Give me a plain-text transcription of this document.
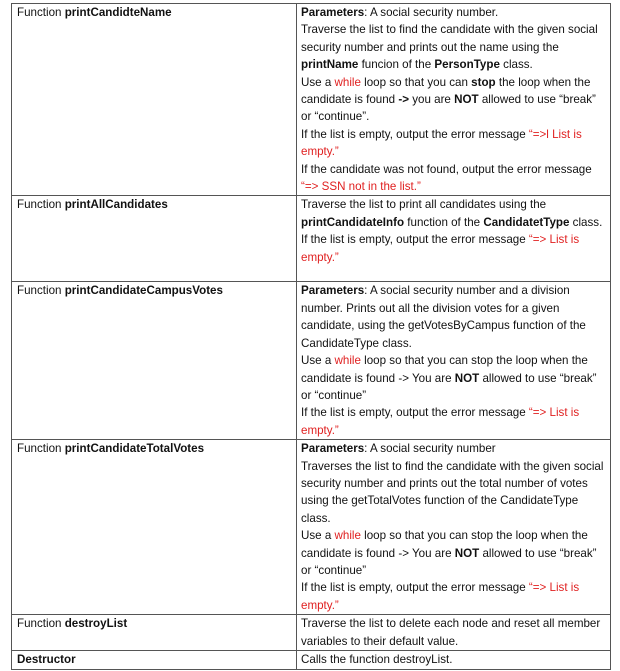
Function printCandidteName	Parameters: A social security number.
Traverse the list to find the candidate with the given social security number and prints out the name using the printName funcion of the PersonType class.
Use a while loop so that you can stop the loop when the candidate is found -> you are NOT allowed to use “break” or “continue”.
If the list is empty, output the error message “=>l List is empty.”
If the candidate was not found, output the error message “=> SSN not in the list.”

Function printAllCandidates	Traverse the list to print all candidates using the printCandidateInfo function of the CandidatetType class.
If the list is empty, output the error message “=> List is empty.”

Function printCandidateCampusVotes	Parameters: A social security number and a division number. Prints out all the division votes for a given candidate, using the getVotesByCampus function of the CandidateType class.
Use a while loop so that you can stop the loop when the candidate is found -> You are NOT allowed to use “break” or “continue”
If the list is empty, output the error message “=> List is empty.”

Function printCandidateTotalVotes	Parameters: A social security number
Traverses the list to find the candidate with the given social security number and prints out the total number of votes using the getTotalVotes function of the CandidateType class.
Use a while loop so that you can stop the loop when the candidate is found -> You are NOT allowed to use “break” or “continue”
If the list is empty, output the error message “=> List is empty.”

Function destroyList	Traverse the list to delete each node and reset all member variables to their default value.

Destructor	Calls the function destroyList.
